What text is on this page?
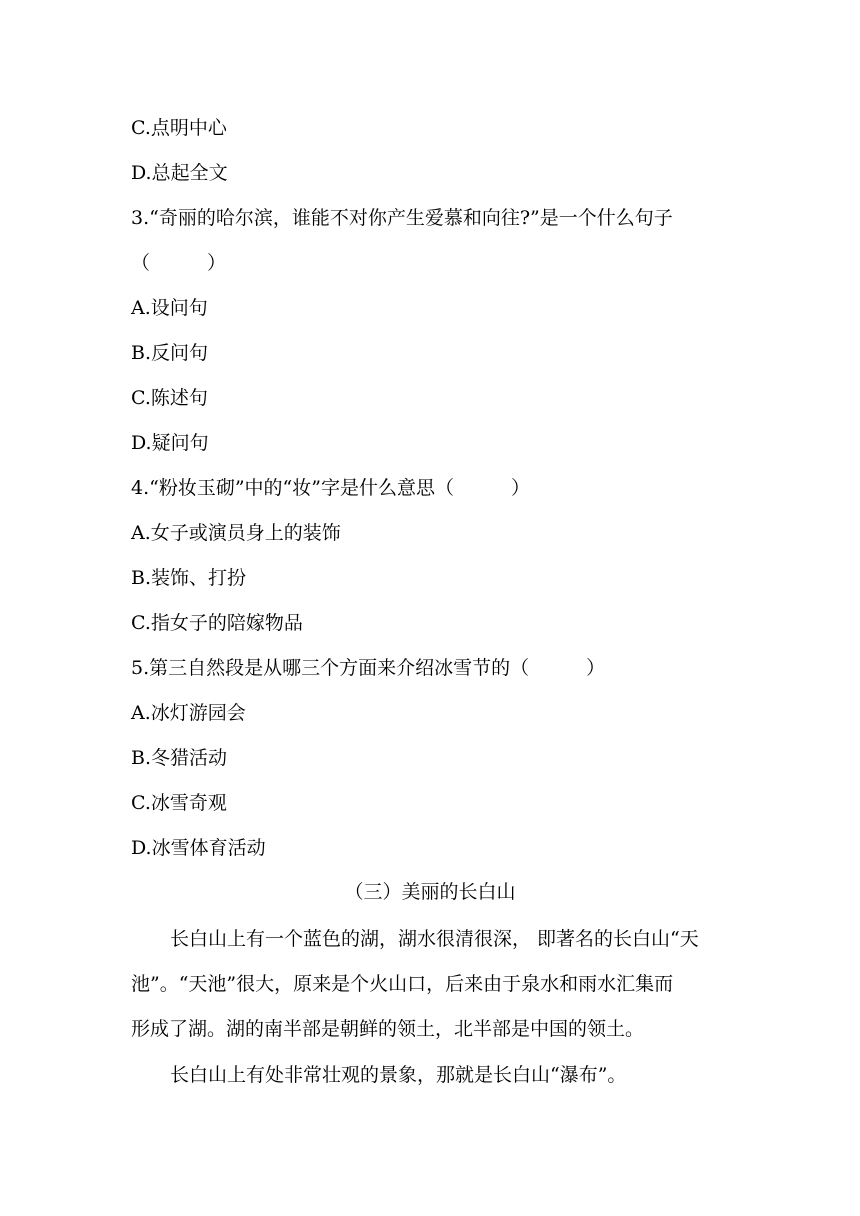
C.点明中心
D.总起全文
3.“奇丽的哈尔滨，谁能不对你产生爱慕和向往?”是一个什么句子
（　　　）
A.设问句
B.反问句
C.陈述句
D.疑问句
4.“粉妆玉砌”中的“妆”字是什么意思（　　　）
A.女子或演员身上的装饰
B.装饰、打扮
C.指女子的陪嫁物品
5.第三自然段是从哪三个方面来介绍冰雪节的（　　　）
A.冰灯游园会
B.冬猎活动
C.冰雪奇观
D.冰雪体育活动
（三）美丽的长白山
长白山上有一个蓝色的湖，湖水很清很深， 即著名的长白山“天
池”。“天池”很大，原来是个火山口，后来由于泉水和雨水汇集而
形成了湖。湖的南半部是朝鲜的领土，北半部是中国的领土。
长白山上有处非常壮观的景象，那就是长白山“瀑布”。
